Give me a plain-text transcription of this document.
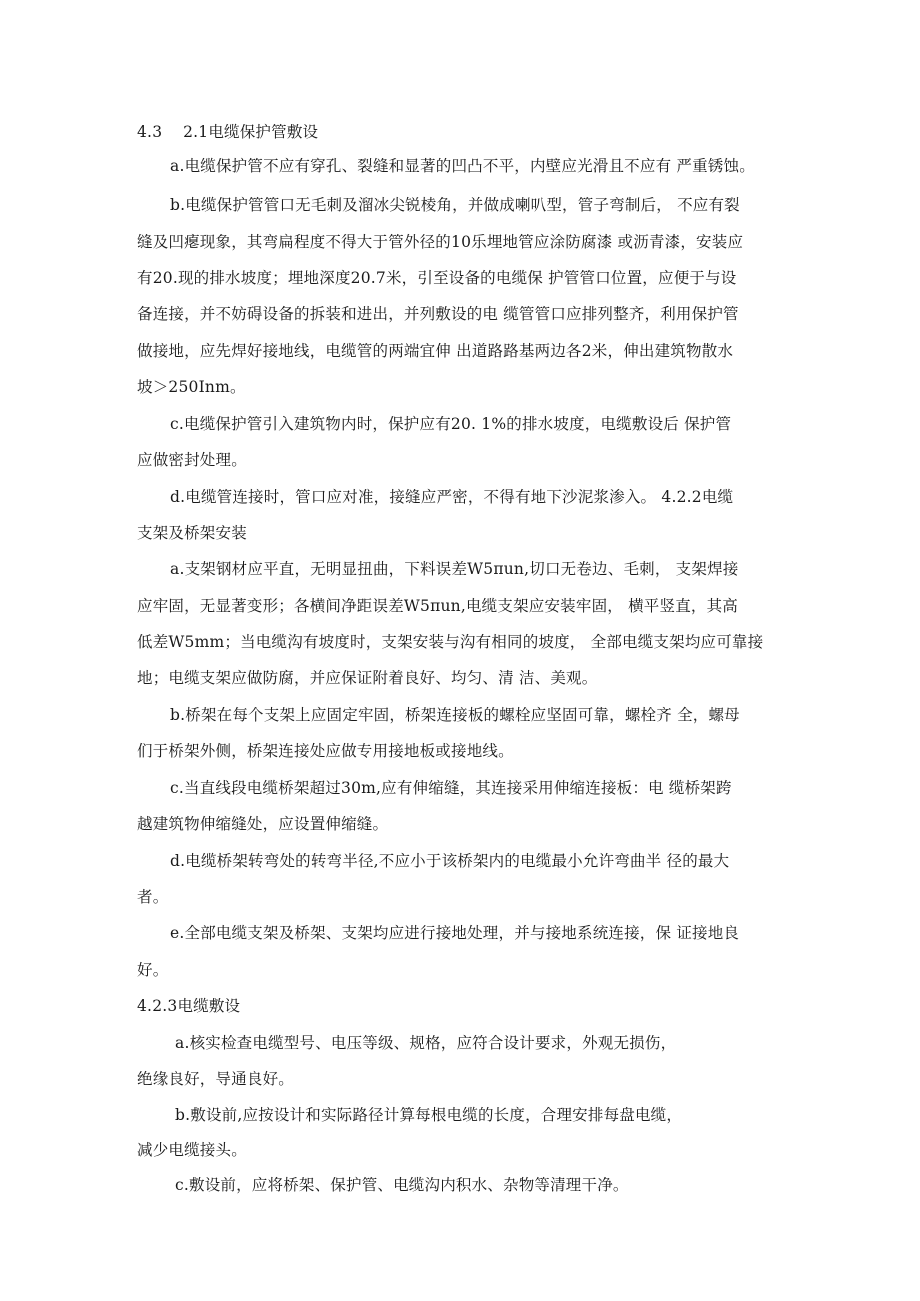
4.3　 2.1电缆保护管敷设
a.电缆保护管不应有穿孔、裂缝和显著的凹凸不平，内壁应光滑且不应有 严重锈蚀。
b.电缆保护管管口无毛刺及溜冰尖锐棱角，并做成喇叭型，管子弯制后， 不应有裂
缝及凹瘪现象，其弯扁程度不得大于管外径的10乐埋地管应涂防腐漆 或沥青漆，安装应
有20.现的排水坡度；埋地深度20.7米，引至设备的电缆保 护管管口位置，应便于与设
备连接，并不妨碍设备的拆装和进出，并列敷设的电 缆管管口应排列整齐，利用保护管
做接地，应先焊好接地线，电缆管的两端宜伸 出道路路基两边各2米，伸出建筑物散水
坡＞250Inm。
c.电缆保护管引入建筑物内时，保护应有20. 1%的排水坡度，电缆敷设后 保护管
应做密封处理。
d.电缆管连接时，管口应对准，接缝应严密，不得有地下沙泥浆渗入。 4.2.2电缆
支架及桥架安装
a.支架钢材应平直，无明显扭曲，下料误差W5πun,切口无卷边、毛刺， 支架焊接
应牢固，无显著变形；各横间净距误差W5πun,电缆支架应安装牢固， 横平竖直，其高
低差W5mm；当电缆沟有坡度时，支架安装与沟有相同的坡度， 全部电缆支架均应可靠接
地；电缆支架应做防腐，并应保证附着良好、均匀、清 洁、美观。
b.桥架在每个支架上应固定牢固，桥架连接板的螺栓应坚固可靠，螺栓齐 全，螺母
们于桥架外侧，桥架连接处应做专用接地板或接地线。
c.当直线段电缆桥架超过30m,应有伸缩缝，其连接采用伸缩连接板：电 缆桥架跨
越建筑物伸缩缝处，应设置伸缩缝。
d.电缆桥架转弯处的转弯半径,不应小于该桥架内的电缆最小允许弯曲半 径的最大
者。
e.全部电缆支架及桥架、支架均应进行接地处理，并与接地系统连接，保 证接地良
好。
4.2.3电缆敷设
a.核实检查电缆型号、电压等级、规格，应符合设计要求，外观无损伤，
绝缘良好，导通良好。
b.敷设前,应按设计和实际路径计算每根电缆的长度，合理安排每盘电缆，
减少电缆接头。
c.敷设前，应将桥架、保护管、电缆沟内积水、杂物等清理干净。
